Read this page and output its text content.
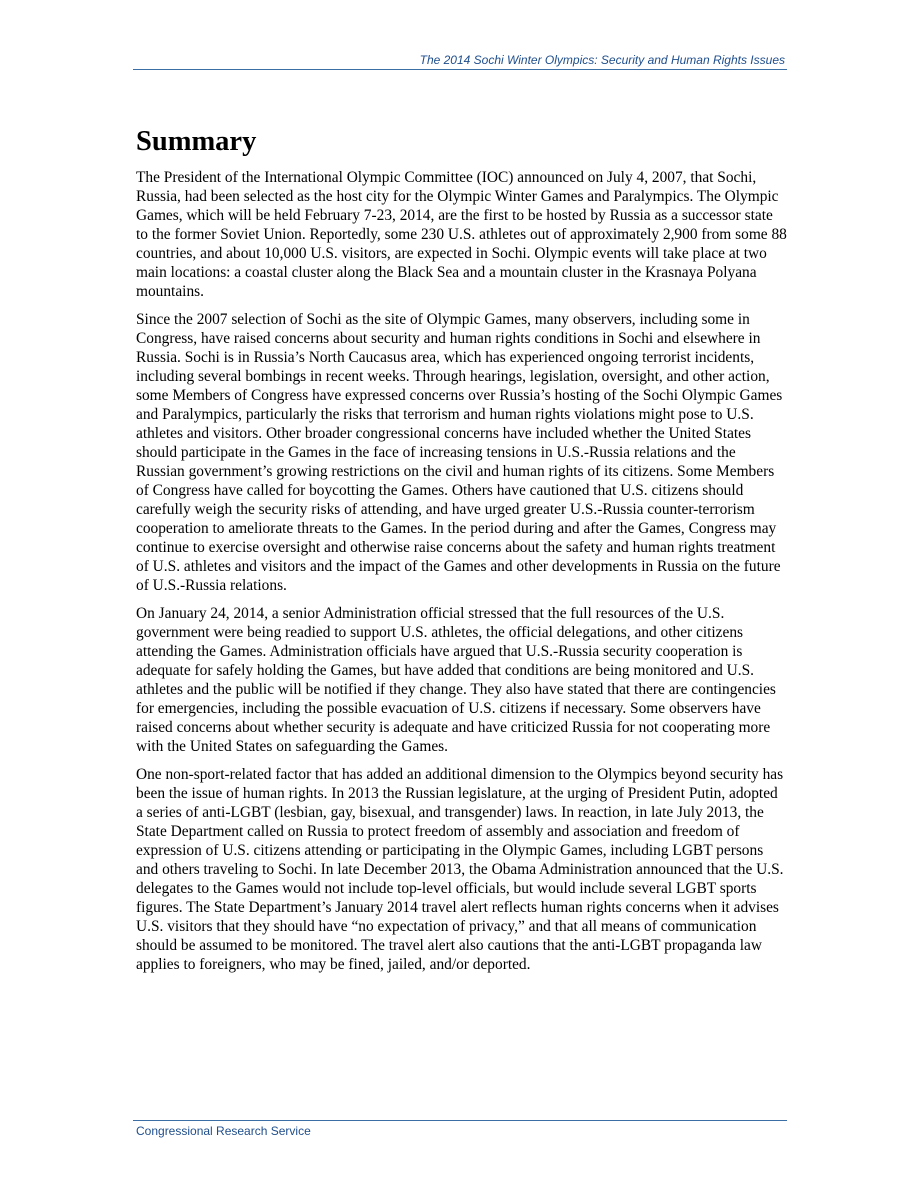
The 2014 Sochi Winter Olympics: Security and Human Rights Issues
Summary

The President of the International Olympic Committee (IOC) announced on July 4, 2007, that Sochi, Russia, had been selected as the host city for the Olympic Winter Games and Paralympics. The Olympic Games, which will be held February 7-23, 2014, are the first to be hosted by Russia as a successor state to the former Soviet Union. Reportedly, some 230 U.S. athletes out of approximately 2,900 from some 88 countries, and about 10,000 U.S. visitors, are expected in Sochi. Olympic events will take place at two main locations: a coastal cluster along the Black Sea and a mountain cluster in the Krasnaya Polyana mountains.

Since the 2007 selection of Sochi as the site of Olympic Games, many observers, including some in Congress, have raised concerns about security and human rights conditions in Sochi and elsewhere in Russia. Sochi is in Russia’s North Caucasus area, which has experienced ongoing terrorist incidents, including several bombings in recent weeks. Through hearings, legislation, oversight, and other action, some Members of Congress have expressed concerns over Russia’s hosting of the Sochi Olympic Games and Paralympics, particularly the risks that terrorism and human rights violations might pose to U.S. athletes and visitors. Other broader congressional concerns have included whether the United States should participate in the Games in the face of increasing tensions in U.S.-Russia relations and the Russian government’s growing restrictions on the civil and human rights of its citizens. Some Members of Congress have called for boycotting the Games. Others have cautioned that U.S. citizens should carefully weigh the security risks of attending, and have urged greater U.S.-Russia counter-terrorism cooperation to ameliorate threats to the Games. In the period during and after the Games, Congress may continue to exercise oversight and otherwise raise concerns about the safety and human rights treatment of U.S. athletes and visitors and the impact of the Games and other developments in Russia on the future of U.S.-Russia relations.

On January 24, 2014, a senior Administration official stressed that the full resources of the U.S. government were being readied to support U.S. athletes, the official delegations, and other citizens attending the Games. Administration officials have argued that U.S.-Russia security cooperation is adequate for safely holding the Games, but have added that conditions are being monitored and U.S. athletes and the public will be notified if they change. They also have stated that there are contingencies for emergencies, including the possible evacuation of U.S. citizens if necessary. Some observers have raised concerns about whether security is adequate and have criticized Russia for not cooperating more with the United States on safeguarding the Games.

One non-sport-related factor that has added an additional dimension to the Olympics beyond security has been the issue of human rights. In 2013 the Russian legislature, at the urging of President Putin, adopted a series of anti-LGBT (lesbian, gay, bisexual, and transgender) laws. In reaction, in late July 2013, the State Department called on Russia to protect freedom of assembly and association and freedom of expression of U.S. citizens attending or participating in the Olympic Games, including LGBT persons and others traveling to Sochi. In late December 2013, the Obama Administration announced that the U.S. delegates to the Games would not include top-level officials, but would include several LGBT sports figures. The State Department’s January 2014 travel alert reflects human rights concerns when it advises U.S. visitors that they should have “no expectation of privacy,” and that all means of communication should be assumed to be monitored. The travel alert also cautions that the anti-LGBT propaganda law applies to foreigners, who may be fined, jailed, and/or deported.

Congressional Research Service
